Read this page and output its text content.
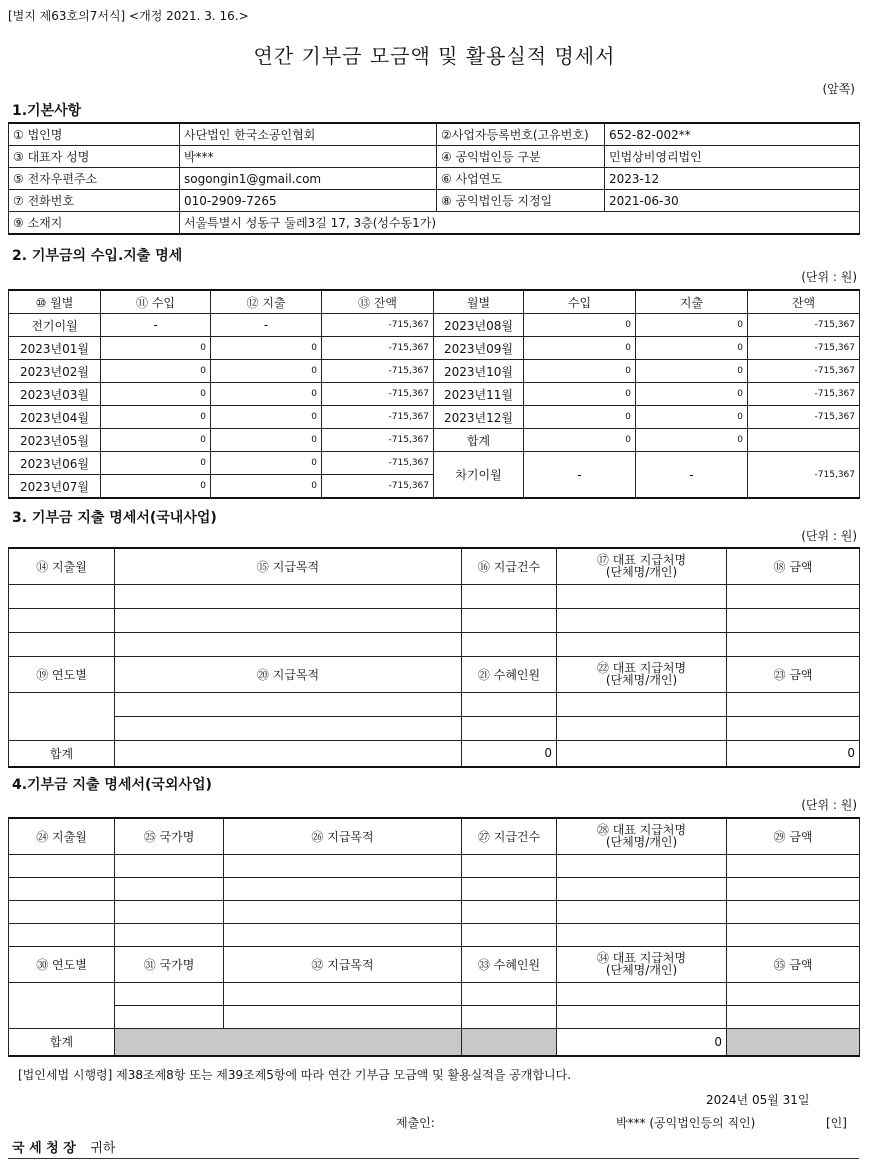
[별지 제63호의7서식] <개정 2021. 3. 16.>
연간 기부금 모금액 및 활용실적 명세서
(앞쪽)
1.기본사항
① 법인명	사단법인 한국소공인협회	②사업자등록번호(고유번호)	652-82-002**
③ 대표자 성명	박***	④ 공익법인등 구분	민법상비영리법인
⑤ 전자우편주소	sogongin1@gmail.com	⑥ 사업연도	2023-12
⑦ 전화번호	010-2909-7265	⑧ 공익법인등 지정일	2021-06-30
⑨ 소재지	서울특별시 성동구 둘레3길 17, 3층(성수동1가)		
2. 기부금의 수입.지출 명세
(단위 : 원)
⑩ 월별	⑪ 수입	⑫ 지출	⑬ 잔액	월별	수입	지출	잔액
전기이월	-	-	-715,367	2023년08월	0	0	-715,367
2023년01월	0	0	-715,367	2023년09월	0	0	-715,367
2023년02월	0	0	-715,367	2023년10월	0	0	-715,367
2023년03월	0	0	-715,367	2023년11월	0	0	-715,367
2023년04월	0	0	-715,367	2023년12월	0	0	-715,367
2023년05월	0	0	-715,367	합계	0	0	
2023년06월	0	0	-715,367	차기이월	-	-	-715,367
2023년07월	0	0	-715,367				
3. 기부금 지출 명세서(국내사업)
(단위 : 원)
⑭ 지출월	⑮ 지급목적	⑯ 지급건수	⑰ 대표 지급처명
(단체명/개인)	⑱ 금액

⑲ 연도별	⑳ 지급목적	㉑ 수혜인원	㉒ 대표 지급처명
(단체명/개인)	㉓ 금액

합계		0		0
4.기부금 지출 명세서(국외사업)
(단위 : 원)
㉔ 지출월	㉕ 국가명	㉖ 지급목적	㉗ 지급건수	㉘ 대표 지급처명
(단체명/개인)	㉙ 금액	

㉚ 연도별	㉛ 국가명	㉜ 지급목적	㉝ 수혜인원	㉞ 대표 지급처명
(단체명/개인)	㉟ 금액	

합계				0		
[법인세법 시행령] 제38조제8항 또는 제39조제5항에 따라 연간 기부금 모금액 및 활용실적을 공개합니다.
2024년 05월 31일
제출인:	박*** (공익법인등의 직인)	[인]
국 세 청 장 귀하
